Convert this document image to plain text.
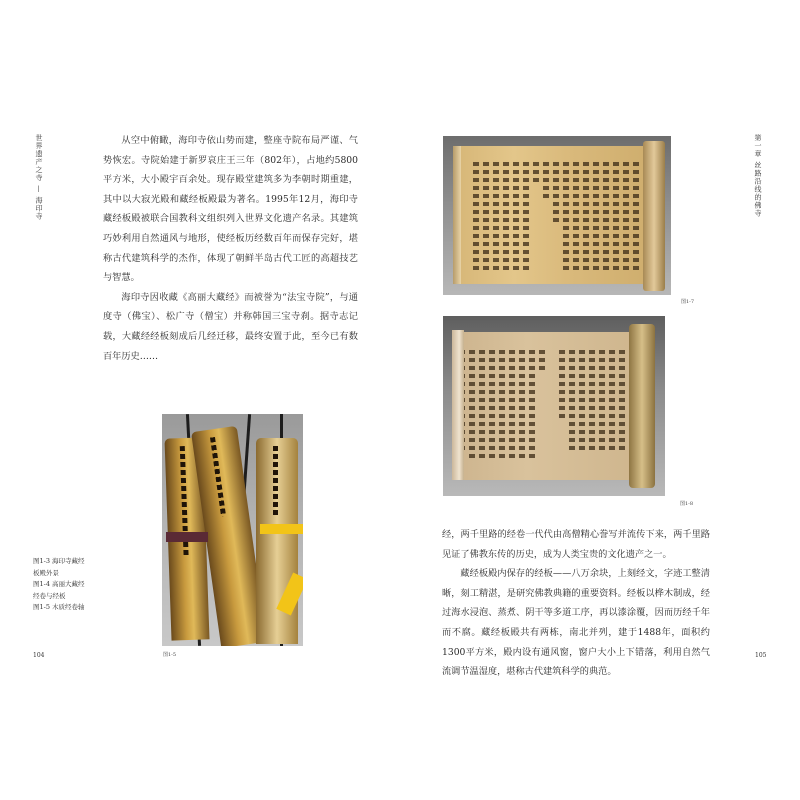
世界遗产之寺 — 海印寺	从空中俯瞰，海印寺依山势而建，整座寺院布局严谨、气势恢宏。寺院始建于新罗哀庄王三年（802年），占地约5800平方米，大小殿宇百余处。现存殿堂建筑多为李朝时期重建，其中以大寂光殿和藏经板殿最为著名。1995年12月，海印寺藏经板殿被联合国教科文组织列入世界文化遗产名录。其建筑巧妙利用自然通风与地形，使经板历经数百年而保存完好，堪称古代建筑科学的杰作，体现了朝鲜半岛古代工匠的高超技艺与智慧。

海印寺因收藏《高丽大藏经》而被誉为“法宝寺院”，与通度寺（佛宝）、松广寺（僧宝）并称韩国三宝寺刹。据寺志记载，大藏经经板刻成后几经迁移，最终安置于此，至今已有数百年历史……

图1-5
图1-3 海印寺藏经板殿外景
图1-4 高丽大藏经经卷与经板
图1-5 木质经卷轴
104
图1-7
图1-8

经，两千里路的经卷一代代由高僧精心誊写并流传下来，两千里路见证了佛教东传的历史，成为人类宝贵的文化遗产之一。

藏经板殿内保存的经板——八万余块，上刻经文，字迹工整清晰，刻工精湛，是研究佛教典籍的重要资料。经板以桦木制成，经过海水浸泡、蒸煮、阴干等多道工序，再以漆涂覆，因而历经千年而不腐。藏经板殿共有两栋，南北并列，建于1488年，面积约1300平方米，殿内设有通风窗，窗户大小上下错落，利用自然气流调节温湿度，堪称古代建筑科学的典范。

第一章 丝路沿线的佛寺
105
